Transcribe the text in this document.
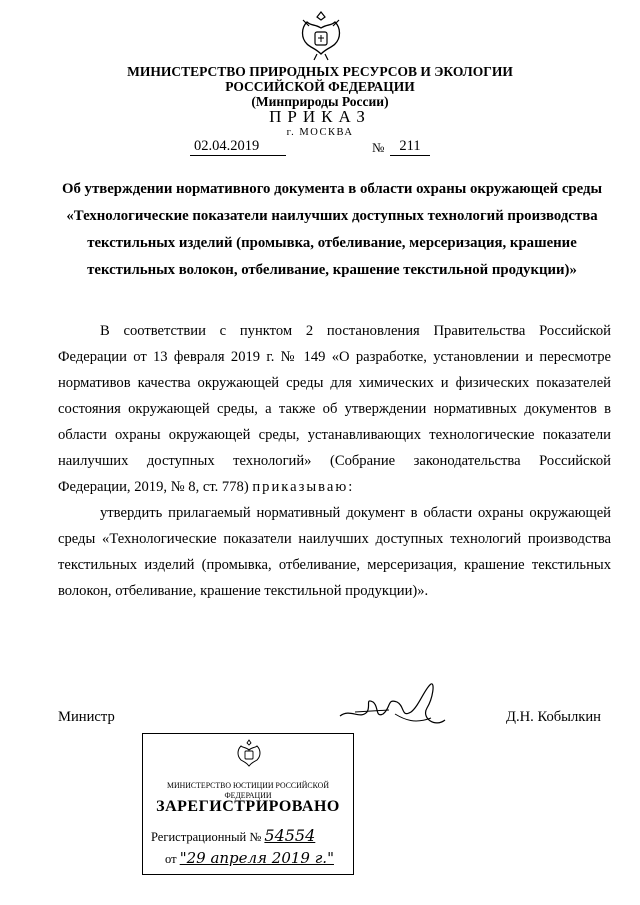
МИНИСТЕРСТВО ПРИРОДНЫХ РЕСУРСОВ И ЭКОЛОГИИ
РОССИЙСКОЙ ФЕДЕРАЦИИ
(Минприроды России)
ПРИКАЗ
г. МОСКВА
02.04.2019	№	211
Об утверждении нормативного документа в области охраны окружающей среды «Технологические показатели наилучших доступных технологий производства текстильных изделий (промывка, отбеливание, мерсеризация, крашение текстильных волокон, отбеливание, крашение текстильной продукции)»
В соответствии с пунктом 2 постановления Правительства Российской Федерации от 13 февраля 2019 г. № 149 «О разработке, установлении и пересмотре нормативов качества окружающей среды для химических и физических показателей состояния окружающей среды, а также об утверждении нормативных документов в области охраны окружающей среды, устанавливающих технологические показатели наилучших доступных технологий» (Собрание законодательства Российской Федерации, 2019, № 8, ст. 778) приказываю:
утвердить прилагаемый нормативный документ в области охраны окружающей среды «Технологические показатели наилучших доступных технологий производства текстильных изделий (промывка, отбеливание, мерсеризация, крашение текстильных волокон, отбеливание, крашение текстильной продукции)».
Министр	Д.Н. Кобылкин
МИНИСТЕРСТВО ЮСТИЦИИ РОССИЙСКОЙ ФЕДЕРАЦИИ
ЗАРЕГИСТРИРОВАНО
Регистрационный № 54554
от "29 апреля 2019 г."
